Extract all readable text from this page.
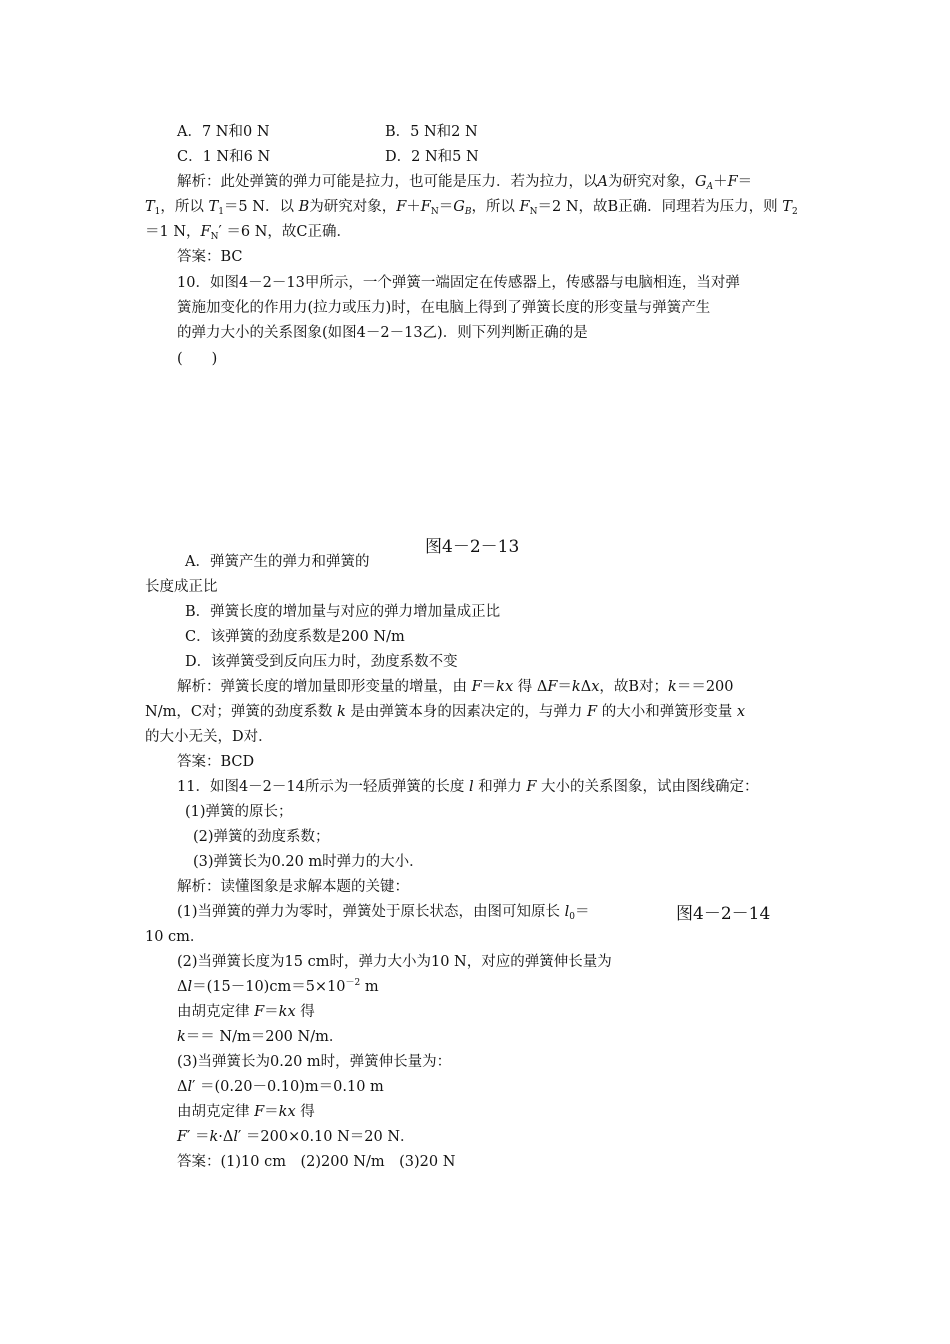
A．7 N和0 N	B．5 N和2 N
C．1 N和6 N	D．2 N和5 N
解析：此处弹簧的弹力可能是拉力，也可能是压力．若为拉力，以A为研究对象，$G_A+F=$
$T_1$，所以 $T_1=5$ N．以 B为研究对象，$F+F_N=G_B$，所以 $F_N=2$ N，故B正确．同理若为压力，则 $T_2$
＝1 N，$F_N' =6$ N，故C正确．
答案：BC
10．如图4－2－13甲所示，一个弹簧一端固定在传感器上，传感器与电脑相连，当对弹
簧施加变化的作用力(拉力或压力)时，在电脑上得到了弹簧长度的形变量与弹簧产生
的弹力大小的关系图象(如图4－2－13乙)．则下列判断正确的是
(　　)
图4－2－13
A．弹簧产生的弹力和弹簧的
长度成正比
B．弹簧长度的增加量与对应的弹力增加量成正比
C．该弹簧的劲度系数是200 N/m
D．该弹簧受到反向压力时，劲度系数不变
解析：弹簧长度的增加量即形变量的增量，由 F＝kx 得 ΔF＝kΔx，故B对；k＝＝200
N/m，C对；弹簧的劲度系数 k 是由弹簧本身的因素决定的，与弹力 F 的大小和弹簧形变量 x
的大小无关，D对．
答案：BCD
11．如图4－2－14所示为一轻质弹簧的长度 l 和弹力 F 大小的关系图象，试由图线确定：
(1)弹簧的原长；
(2)弹簧的劲度系数；
(3)弹簧长为0.20 m时弹力的大小．
解析：读懂图象是求解本题的关键：
(1)当弹簧的弹力为零时，弹簧处于原长状态，由图可知原长 $l_0=$	图4－2－14
10 cm．
(2)当弹簧长度为15 cm时，弹力大小为10 N，对应的弹簧伸长量为
$\Delta l=(15-10)cm=5\times 10^{-2}$ m
由胡克定律 F＝kx 得
k＝＝ N/m＝200 N/m．
(3)当弹簧长为0.20 m时，弹簧伸长量为：
Δl′ ＝(0.20－0.10)m＝0.10 m
由胡克定律 F＝kx 得
F′ ＝k·Δl′ ＝200×0.10 N＝20 N．
答案：(1)10 cm　(2)200 N/m　(3)20 N
